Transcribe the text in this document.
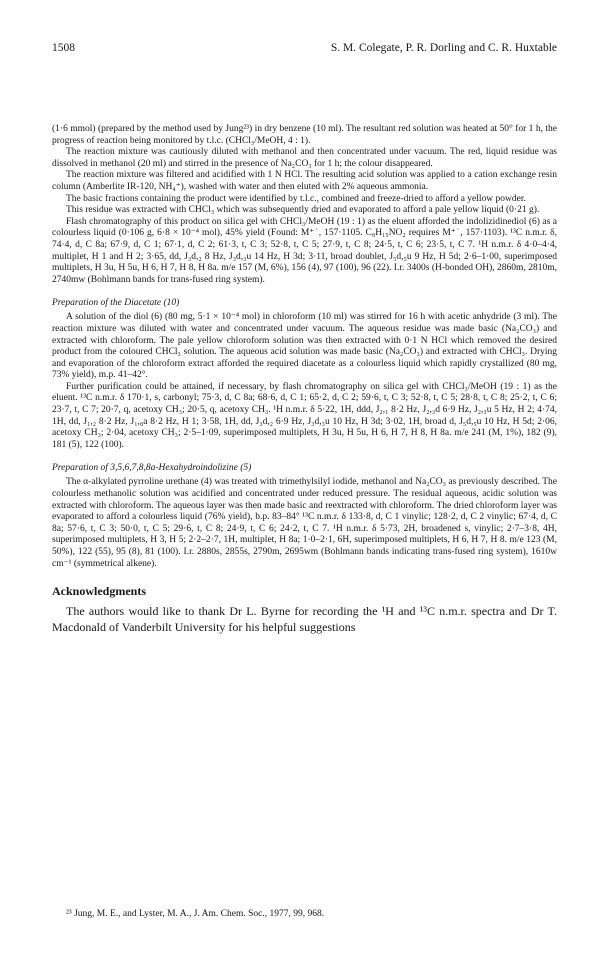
1508	S. M. Colegate, P. R. Dorling and C. R. Huxtable

(1·6 mmol) (prepared by the method used by Jung²³) in dry benzene (10 ml). The resultant red solution was heated at 50° for 1 h, the progress of reaction being monitored by t.l.c. (CHCl₃/MeOH, 4 : 1).

The reaction mixture was cautiously diluted with methanol and then concentrated under vacuum. The red, liquid residue was dissolved in methanol (20 ml) and stirred in the presence of Na₂CO₃ for 1 h; the colour disappeared.

The reaction mixture was filtered and acidified with 1 N HCl. The resulting acid solution was applied to a cation exchange resin column (Amberlite IR-120, NH₄⁺), washed with water and then eluted with 2% aqueous ammonia.

The basic fractions containing the product were identified by t.l.c., combined and freeze-dried to afford a yellow powder.

This residue was extracted with CHCl₃ which was subsequently dried and evaporated to afford a pale yellow liquid (0·21 g).

Flash chromatography of this product on silica gel with CHCl₃/MeOH (19 : 1) as the eluent afforded the indolizidinediol (6) as a colourless liquid (0·106 g, 6·8 × 10⁻⁴ mol), 45% yield (Found: M⁺˙, 157·1105. C₈H₁₅NO₂ requires M⁺˙, 157·1103). ¹³C n.m.r. δ, 74·4, d, C 8a; 67·9, d, C 1; 67·1, d, C 2; 61·3, t, C 3; 52·8, t, C 5; 27·9, t, C 8; 24·5, t, C 6; 23·5, t, C 7. ¹H n.m.r. δ 4·0–4·4, multiplet, H 1 and H 2; 3·65, dd, J₃d,₂ 8 Hz, J₃d,₃u 14 Hz, H 3d; 3·11, broad doublet, J₅d,₅u 9 Hz, H 5d; 2·6–1·00, superimposed multiplets, H 3u, H 5u, H 6, H 7, H 8, H 8a. m/e 157 (M, 6%), 156 (4), 97 (100), 96 (22). I.r. 3400s (H-bonded OH), 2860m, 2810m, 2740mw (Bohlmann bands for trans-fused ring system).

Preparation of the Diacetate (10)

A solution of the diol (6) (80 mg, 5·1 × 10⁻⁴ mol) in chloroform (10 ml) was stirred for 16 h with acetic anhydride (3 ml). The reaction mixture was diluted with water and concentrated under vacuum. The aqueous residue was made basic (Na₂CO₃) and extracted with chloroform. The pale yellow chloroform solution was then extracted with 0·1 N HCl which removed the desired product from the coloured CHCl₃ solution. The aqueous acid solution was made basic (Na₂CO₃) and extracted with CHCl₃. Drying and evaporation of the chloroform extract afforded the required diacetate as a colourless liquid which rapidly crystallized (80 mg, 73% yield), m.p. 41–42°.

Further purification could be attained, if necessary, by flash chromatography on silica gel with CHCl₃/MeOH (19 : 1) as the eluent. ¹³C n.m.r. δ 170·1, s, carbonyl; 75·3, d, C 8a; 68·6, d, C 1; 65·2, d, C 2; 59·6, t, C 3; 52·8, t, C 5; 28·8, t, C 8; 25·2, t, C 6; 23·7, t, C 7; 20·7, q, acetoxy CH₃; 20·5, q, acetoxy CH₃. ¹H n.m.r. δ 5·22, 1H, ddd, J₂,₁ 8·2 Hz, J₂,₃d 6·9 Hz, J₂,₃u 5 Hz, H 2; 4·74, 1H, dd, J₁,₂ 8·2 Hz, J₁,₈a 8·2 Hz, H 1; 3·58, 1H, dd, J₃d,₂ 6·9 Hz, J₃d,₃u 10 Hz, H 3d; 3·02, 1H, broad d, J₅d,₅u 10 Hz, H 5d; 2·06, acetoxy CH₃; 2·04, acetoxy CH₃; 2·5–1·09, superimposed multiplets, H 3u, H 5u, H 6, H 7, H 8, H 8a. m/e 241 (M, 1%), 182 (9), 181 (5), 122 (100).

Preparation of 3,5,6,7,8,8a-Hexahydroindolizine (5)

The α-alkylated pyrroline urethane (4) was treated with trimethylsilyl iodide, methanol and Na₂CO₃ as previously described. The colourless methanolic solution was acidified and concentrated under reduced pressure. The residual aqueous, acidic solution was extracted with chloroform. The aqueous layer was then made basic and reextracted with chloroform. The dried chloroform layer was evaporated to afford a colourless liquid (76% yield), b.p. 83–84° ¹³C n.m.r. δ 133·8, d, C 1 vinylic; 128·2, d, C 2 vinylic; 67·4, d, C 8a; 57·6, t, C 3; 50·0, t, C 5; 29·6, t, C 8; 24·9, t, C 6; 24·2, t, C 7. ¹H n.m.r. δ 5·73, 2H, broadened s, vinylic; 2·7–3·8, 4H, superimposed multiplets, H 3, H 5; 2·2–2·7, 1H, multiplet, H 8a; 1·0–2·1, 6H, superimposed multiplets, H 6, H 7, H 8. m/e 123 (M, 50%), 122 (55), 95 (8), 81 (100). I.r. 2880s, 2855s, 2790m, 2695wm (Bohlmann bands indicating trans-fused ring system), 1610w cm⁻¹ (symmetrical alkene).

Acknowledgments

The authors would like to thank Dr L. Byrne for recording the ¹H and ¹³C n.m.r. spectra and Dr T. Macdonald of Vanderbilt University for his helpful suggestions

²³ Jung, M. E., and Lyster, M. A., J. Am. Chem. Soc., 1977, 99, 968.
